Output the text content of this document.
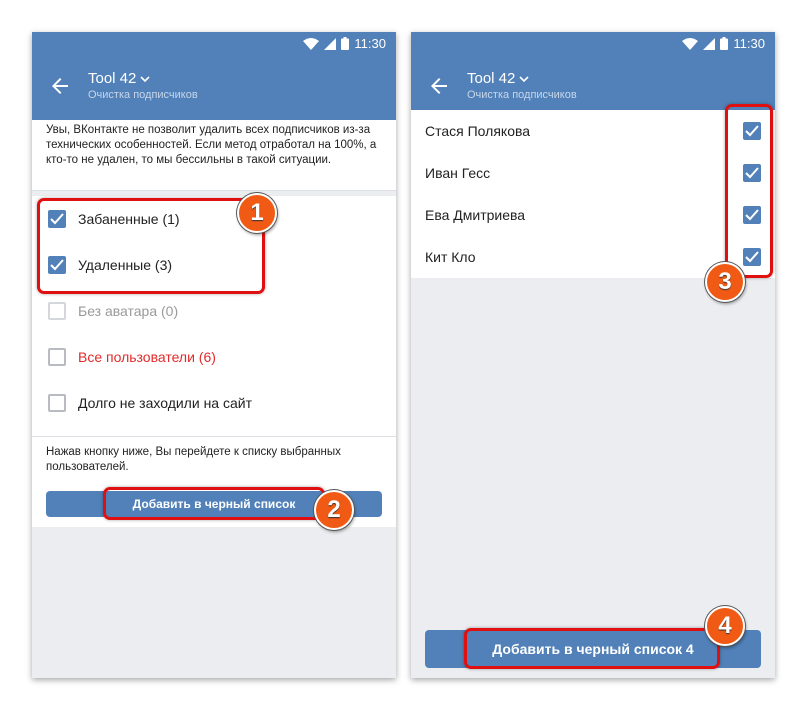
11:30
Tool 42
Очистка подписчиков
Увы, ВКонтакте не позволит удалить всех подписчиков из-за технических особенностей. Если метод отработал на 100%, а кто-то не удален, то мы бессильны в такой ситуации.
Забаненные (1)
Удаленные (3)
Без аватара (0)
Все пользователи (6)
Долго не заходили на сайт
Нажав кнопку ниже, Вы перейдете к списку выбранных пользователей.
Добавить в черный список
11:30
Tool 42
Очистка подписчиков
Стася Полякова
Иван Гесс
Ева Дмитриева
Кит Кло
Добавить в черный список 4
1
2
3
4
